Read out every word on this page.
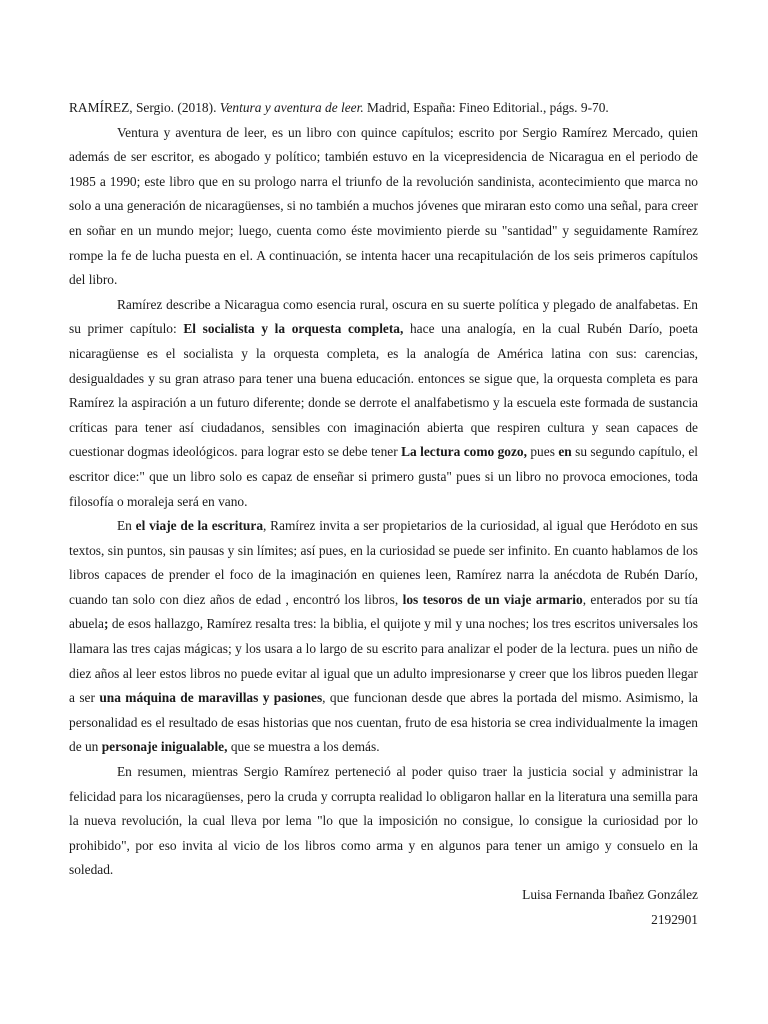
RAMÍREZ, Sergio. (2018). Ventura y aventura de leer. Madrid, España: Fineo Editorial., págs. 9-70.

Ventura y aventura de leer, es un libro con quince capítulos; escrito por Sergio Ramírez Mercado, quien además de ser escritor, es abogado y político; también estuvo en la vicepresidencia de Nicaragua en el periodo de 1985 a 1990; este libro que en su prologo narra el triunfo de la revolución sandinista, acontecimiento que marca no solo a una generación de nicaragüenses, si no también a muchos jóvenes que miraran esto como una señal, para creer en soñar en un mundo mejor; luego, cuenta como éste movimiento pierde su "santidad" y seguidamente Ramírez rompe la fe de lucha puesta en el. A continuación, se intenta hacer una recapitulación de los seis primeros capítulos del libro.

Ramírez describe a Nicaragua como esencia rural, oscura en su suerte política y plegado de analfabetas. En su primer capítulo: El socialista y la orquesta completa, hace una analogía, en la cual Rubén Darío, poeta nicaragüense es el socialista y la orquesta completa, es la analogía de América latina con sus: carencias, desigualdades y su gran atraso para tener una buena educación. entonces se sigue que, la orquesta completa es para Ramírez la aspiración a un futuro diferente; donde se derrote el analfabetismo y la escuela este formada de sustancia críticas para tener así ciudadanos, sensibles con imaginación abierta que respiren cultura y sean capaces de cuestionar dogmas ideológicos. para lograr esto se debe tener La lectura como gozo, pues en su segundo capítulo, el escritor dice:" que un libro solo es capaz de enseñar si primero gusta" pues si un libro no provoca emociones, toda filosofía o moraleja será en vano.

En el viaje de la escritura, Ramírez invita a ser propietarios de la curiosidad, al igual que Heródoto en sus textos, sin puntos, sin pausas y sin límites; así pues, en la curiosidad se puede ser infinito. En cuanto hablamos de los libros capaces de prender el foco de la imaginación en quienes leen, Ramírez narra la anécdota de Rubén Darío, cuando tan solo con diez años de edad , encontró los libros, los tesoros de un viaje armario, enterados por su tía abuela; de esos hallazgo, Ramírez resalta tres: la biblia, el quijote y mil y una noches; los tres escritos universales los llamara las tres cajas mágicas; y los usara a lo largo de su escrito para analizar el poder de la lectura. pues un niño de diez años al leer estos libros no puede evitar al igual que un adulto impresionarse y creer que los libros pueden llegar a ser una máquina de maravillas y pasiones, que funcionan desde que abres la portada del mismo. Asimismo, la personalidad es el resultado de esas historias que nos cuentan, fruto de esa historia se crea individualmente la imagen de un personaje inigualable, que se muestra a los demás.

En resumen, mientras Sergio Ramírez perteneció al poder quiso traer la justicia social y administrar la felicidad para los nicaragüenses, pero la cruda y corrupta realidad lo obligaron hallar en la literatura una semilla para la nueva revolución, la cual lleva por lema "lo que la imposición no consigue, lo consigue la curiosidad por lo prohibido", por eso invita al vicio de los libros como arma y en algunos para tener un amigo y consuelo en la soledad.

Luisa Fernanda Ibañez González

2192901
